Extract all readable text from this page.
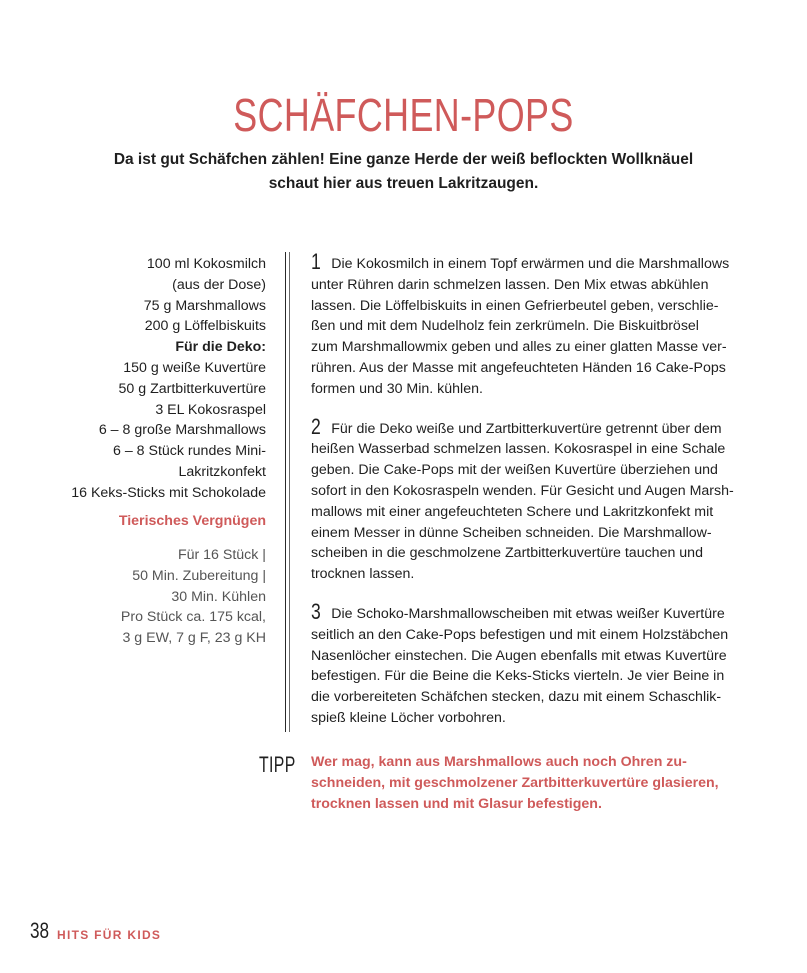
SCHÄFCHEN-POPS
Da ist gut Schäfchen zählen! Eine ganze Herde der weiß beflockten Wollknäuel
schaut hier aus treuen Lakritzaugen.
100 ml Kokosmilch
(aus der Dose)
75 g Marshmallows
200 g Löffelbiskuits
Für die Deko:
150 g weiße Kuvertüre
50 g Zartbitterkuvertüre
3 EL Kokosraspel
6 – 8 große Marshmallows
6 – 8 Stück rundes Mini-
Lakritzkonfekt
16 Keks-Sticks mit Schokolade
Tierisches Vergnügen
Für 16 Stück |
50 Min. Zubereitung |
30 Min. Kühlen
Pro Stück ca. 175 kcal,
3 g EW, 7 g F, 23 g KH
1 Die Kokosmilch in einem Topf erwärmen und die Marshmallows
unter Rühren darin schmelzen lassen. Den Mix etwas abkühlen
lassen. Die Löffelbiskuits in einen Gefrierbeutel geben, verschlie-
ßen und mit dem Nudelholz fein zerkrümeln. Die Biskuitbrösel
zum Marshmallowmix geben und alles zu einer glatten Masse ver-
rühren. Aus der Masse mit angefeuchteten Händen 16 Cake-Pops
formen und 30 Min. kühlen.
2 Für die Deko weiße und Zartbitterkuvertüre getrennt über dem
heißen Wasserbad schmelzen lassen. Kokosraspel in eine Schale
geben. Die Cake-Pops mit der weißen Kuvertüre überziehen und
sofort in den Kokosraspeln wenden. Für Gesicht und Augen Marsh-
mallows mit einer angefeuchteten Schere und Lakritzkonfekt mit
einem Messer in dünne Scheiben schneiden. Die Marshmallow-
scheiben in die geschmolzene Zartbitterkuvertüre tauchen und
trocknen lassen.
3 Die Schoko-Marshmallowscheiben mit etwas weißer Kuvertüre
seitlich an den Cake-Pops befestigen und mit einem Holzstäbchen
Nasenlöcher einstechen. Die Augen ebenfalls mit etwas Kuvertüre
befestigen. Für die Beine die Keks-Sticks vierteln. Je vier Beine in
die vorbereiteten Schäfchen stecken, dazu mit einem Schaschlik-
spieß kleine Löcher vorbohren.
TIPP Wer mag, kann aus Marshmallows auch noch Ohren zu-
schneiden, mit geschmolzener Zartbitterkuvertüre glasieren,
trocknen lassen und mit Glasur befestigen.
38 HITS FÜR KIDS
